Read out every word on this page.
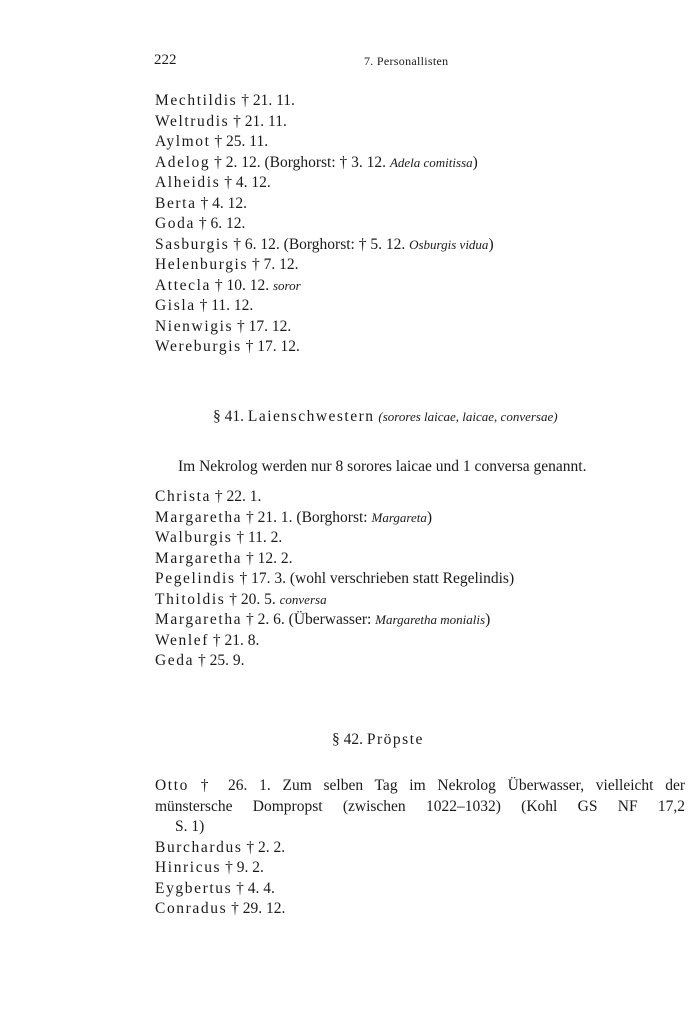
222	7. Personallisten
Mechtildis † 21. 11.
Weltrudis † 21. 11.
Aylmot † 25. 11.
Adelog † 2. 12. (Borghorst: † 3. 12. Adela comitissa)
Alheidis † 4. 12.
Berta † 4. 12.
Goda † 6. 12.
Sasburgis † 6. 12. (Borghorst: † 5. 12. Osburgis vidua)
Helenburgis † 7. 12.
Attecla † 10. 12. soror
Gisla † 11. 12.
Nienwigis † 17. 12.
Wereburgis † 17. 12.
§ 41. Laienschwestern (sorores laicae, laicae, conversae)
Im Nekrolog werden nur 8 sorores laicae und 1 conversa genannt.
Christa † 22. 1.
Margaretha † 21. 1. (Borghorst: Margareta)
Walburgis † 11. 2.
Margaretha † 12. 2.
Pegelindis † 17. 3. (wohl verschrieben statt Regelindis)
Thitoldis † 20. 5. conversa
Margaretha † 2. 6. (Überwasser: Margaretha monialis)
Wenlef † 21. 8.
Geda † 25. 9.
§ 42. Pröpste
Otto † 26. 1. Zum selben Tag im Nekrolog Überwasser, vielleicht der
münstersche Dompropst (zwischen 1022–1032) (Kohl GS NF 17,2
S. 1)
Burchardus † 2. 2.
Hinricus † 9. 2.
Eygbertus † 4. 4.
Conradus † 29. 12.
